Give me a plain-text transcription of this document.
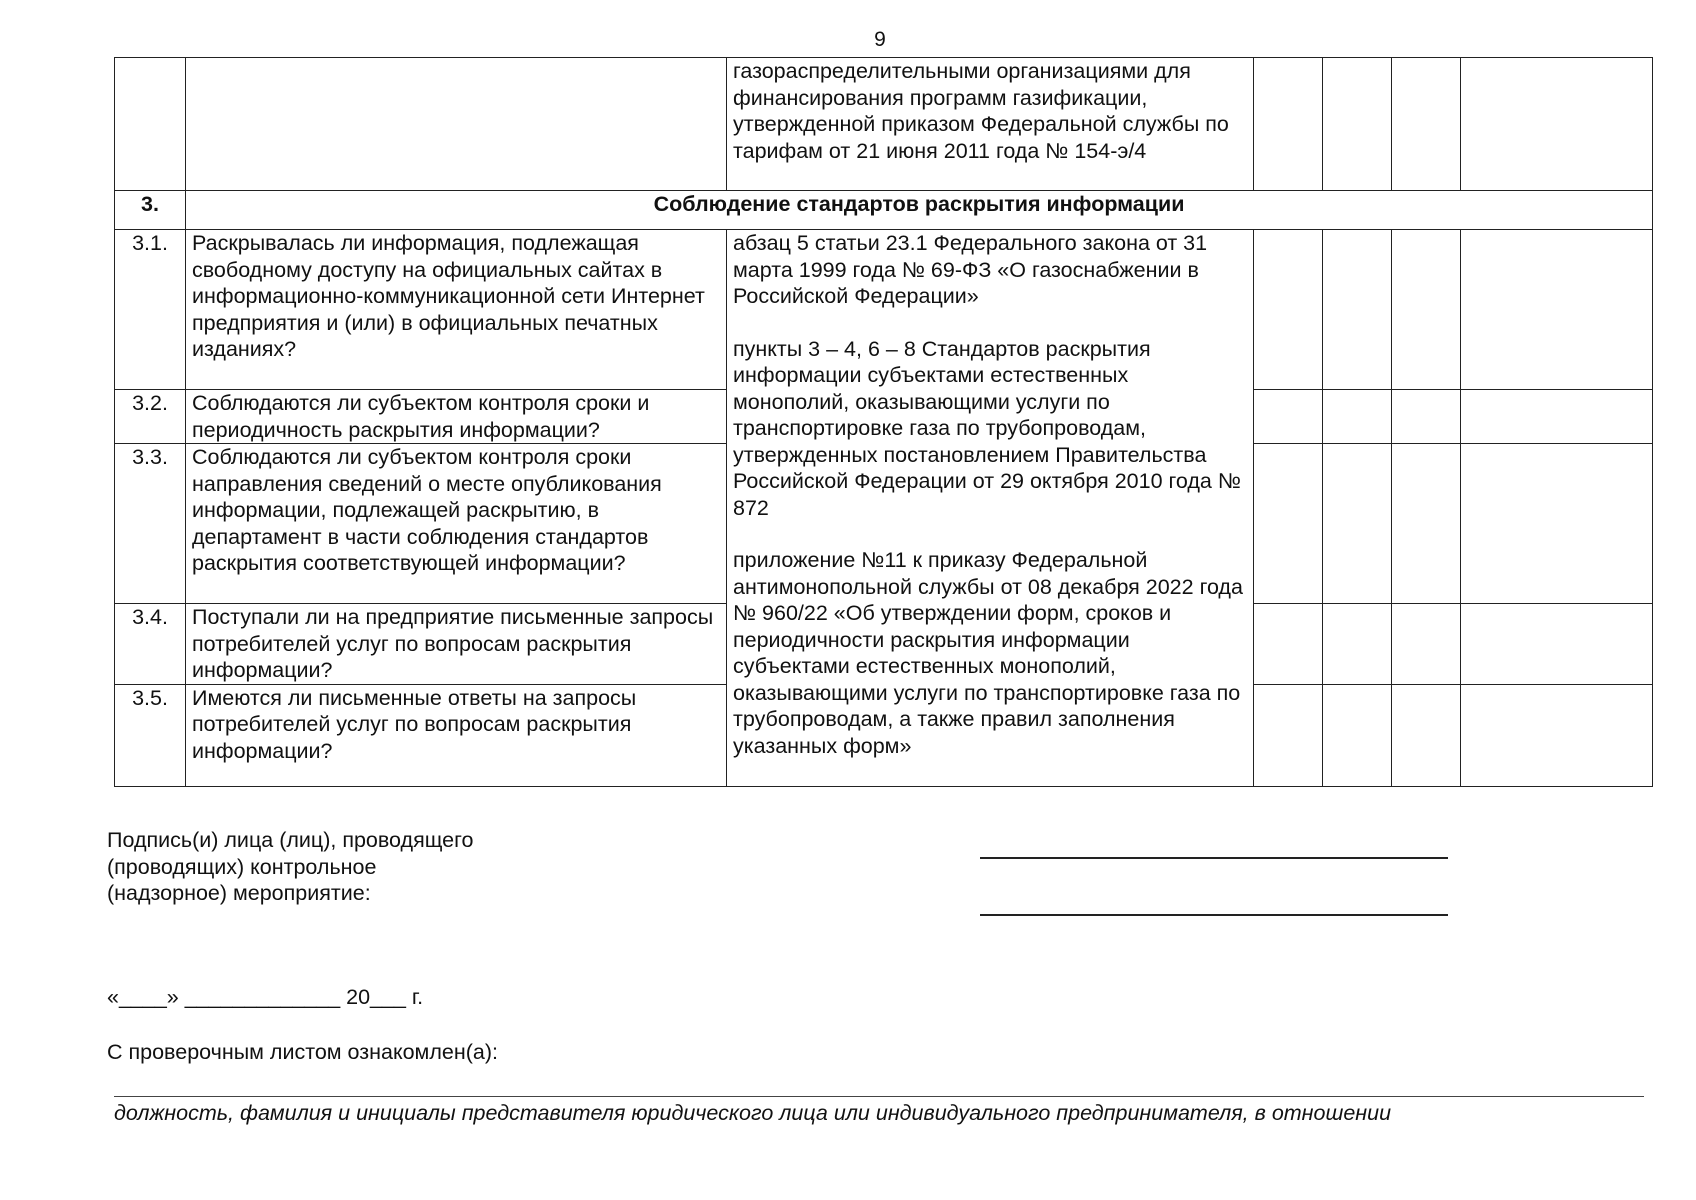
9
		газораспределительными организациями для финансирования программ газификации, утвержденной приказом Федеральной службы по тарифам от 21 июня 2011 года № 154-э/4				
3.	Соблюдение стандартов раскрытия информации					
3.1.	Раскрывалась ли информация, подлежащая свободному доступу на официальных сайтах в информационно-коммуникационной сети Интернет предприятия и (или) в официальных печатных изданиях?	абзац 5 статьи 23.1 Федерального закона от 31 марта 1999 года № 69-ФЗ «О газоснабжении в Российской Федерации»

пункты 3 – 4, 6 – 8 Стандартов раскрытия информации субъектами естественных монополий, оказывающими услуги по транспортировке газа по трубопроводам, утвержденных постановлением Правительства Российской Федерации от 29 октября 2010 года № 872

приложение №11 к приказу Федеральной антимонопольной службы от 08 декабря 2022 года № 960/22 «Об утверждении форм, сроков и периодичности раскрытия информации субъектами естественных монополий, оказывающими услуги по транспортировке газа по трубопроводам, а также правил заполнения указанных форм»				

3.2.	Соблюдаются ли субъектом контроля сроки и периодичность раскрытия информации?					
3.3.	Соблюдаются ли субъектом контроля сроки направления сведений о месте опубликования информации, подлежащей раскрытию, в департамент в части соблюдения стандартов раскрытия соответствующей информации?					
3.4.	Поступали ли на предприятие письменные запросы потребителей услуг по вопросам раскрытия информации?					
3.5.	Имеются ли письменные ответы на запросы потребителей услуг по вопросам раскрытия информации?					
Подпись(и) лица (лиц), проводящего
(проводящих) контрольное
(надзорное) мероприятие:
«____» _____________ 20___ г.
С проверочным листом ознакомлен(а):
должность, фамилия и инициалы представителя юридического лица или индивидуального предпринимателя, в отношении
